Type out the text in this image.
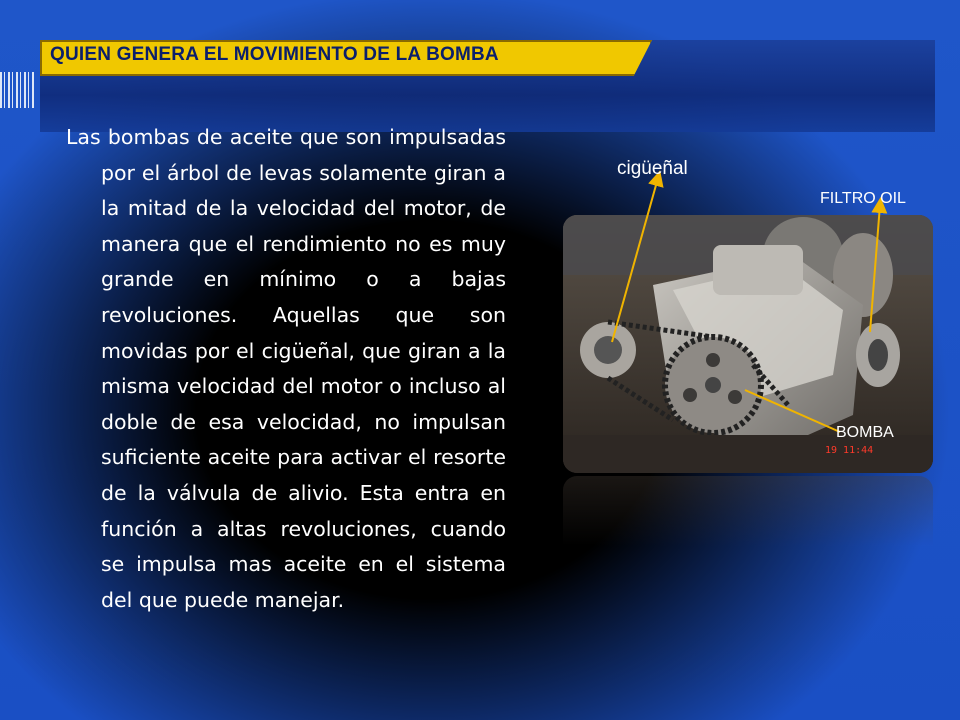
QUIEN GENERA EL MOVIMIENTO DE LA BOMBA

Las bombas de aceite que son impulsadas por el árbol de levas solamente giran a la mitad de la velocidad del motor, de manera que el rendimiento no es muy grande en mínimo o a bajas revoluciones. Aquellas que son movidas por el cigüeñal, que giran a la misma velocidad del motor o incluso al doble de esa velocidad, no impulsan suficiente aceite para activar el resorte de la válvula de alivio. Esta entra en función a altas revoluciones, cuando se impulsa mas aceite en el sistema del que puede manejar.

19 11:44
cigüeñal
FILTRO OIL
BOMBA
